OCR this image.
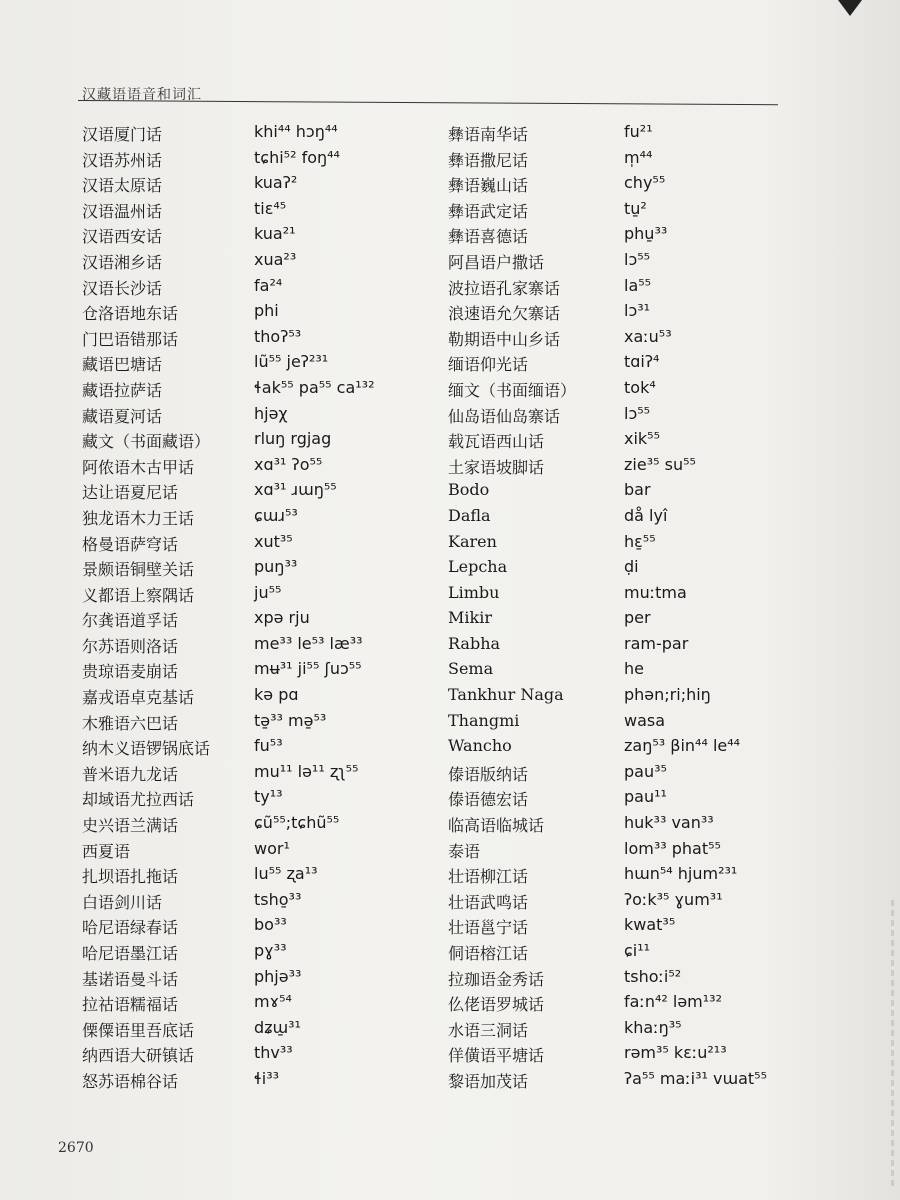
汉藏语语音和词汇
汉语厦门话	khi⁴⁴ hɔŋ⁴⁴
汉语苏州话	tɕhi⁵² foŋ⁴⁴
汉语太原话	kuaʔ²
汉语温州话	tiɛ⁴⁵
汉语西安话	kua²¹
汉语湘乡话	xua²³
汉语长沙话	fa²⁴
仓洛语地东话	phi
门巴语错那话	thoʔ⁵³
藏语巴塘话	lũ⁵⁵ jeʔ²³¹
藏语拉萨话	ɬak⁵⁵ pa⁵⁵ ca¹³²
藏语夏河话	hjəχ
藏文（书面藏语）	rluŋ rgjag
阿侬语木古甲话	xɑ³¹ ʔo⁵⁵
达让语夏尼话	xɑ³¹ ɹɯŋ⁵⁵
独龙语木力王话	ɕɯɹ⁵³
格曼语萨穹话	xut³⁵
景颇语铜壁关话	puŋ³³
义都语上察隅话	ju⁵⁵
尔龚语道孚话	xpə rju
尔苏语则洛话	me³³ le⁵³ læ³³
贵琼语麦崩话	mʉ³¹ ji⁵⁵ ʃuɔ⁵⁵
嘉戎语卓克基话	kə pɑ
木雅语六巴话	tə̱³³ mə̱⁵³
纳木义语锣锅底话	fu⁵³
普米语九龙话	mu¹¹ lə¹¹ ʐʅ⁵⁵
却域语尤拉西话	ty¹³
史兴语兰满话	ɕũ⁵⁵;tɕhũ⁵⁵
西夏语	wor¹
扎坝语扎拖话	lu⁵⁵ ʐa¹³
白语剑川话	tsho̱³³
哈尼语绿春话	bo³³
哈尼语墨江话	pɣ³³
基诺语曼斗话	phjə³³
拉祜语糯福话	mɤ⁵⁴
傈僳语里吾底话	dʑɯ̱³¹
纳西语大研镇话	thv³³
怒苏语棉谷话	ɬi³³
彝语南华话	fu²¹
彝语撒尼话	m̩⁴⁴
彝语巍山话	chy⁵⁵
彝语武定话	tu̱²
彝语喜德话	phu̱³³
阿昌语户撒话	lɔ⁵⁵
波拉语孔家寨话	la⁵⁵
浪速语允欠寨话	lɔ³¹
勒期语中山乡话	xaːu⁵³
缅语仰光话	tɑiʔ⁴
缅文（书面缅语）	tok⁴
仙岛语仙岛寨话	lɔ⁵⁵
载瓦语西山话	xik⁵⁵
土家语坡脚话	zie³⁵ su⁵⁵
Bodo	bar
Dafla	då lyî
Karen	hɛ̱⁵⁵
Lepcha	ḍi
Limbu	muːtma
Mikir	per
Rabha	ram-par
Sema	he
Tankhur Naga	phən;ri;hiŋ
Thangmi	wasa
Wancho	zaŋ⁵³ βin⁴⁴ le⁴⁴
傣语版纳话	pau³⁵
傣语德宏话	pau¹¹
临高语临城话	huk³³ van³³
泰语	lom³³ phat⁵⁵
壮语柳江话	hɯn⁵⁴ hjum²³¹
壮语武鸣话	ʔoːk³⁵ ɣum³¹
壮语邕宁话	kwat³⁵
侗语榕江话	ɕi¹¹
拉珈语金秀话	tshoːi⁵²
仫佬语罗城话	faːn⁴² ləm¹³²
水语三洞话	khaːŋ³⁵
佯僙语平塘话	rəm³⁵ kɛːu²¹³
黎语加茂话	ʔa⁵⁵ maːi³¹ vɯat⁵⁵
2670
